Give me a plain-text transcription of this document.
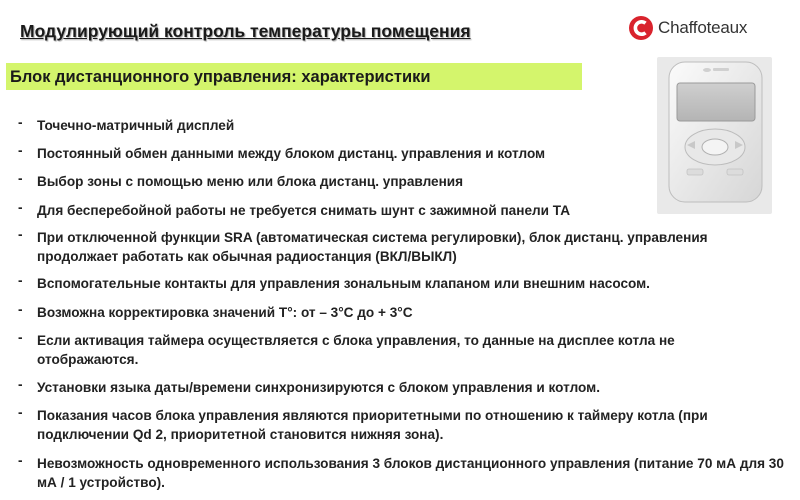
Модулирующий контроль температуры помещения
Блок дистанционного управления: характеристики
Chaffoteaux
-	Точечно-матричный дисплей
-	Постоянный обмен данными между блоком дистанц. управления и котлом
-	Выбор зоны с помощью меню или блока дистанц. управления
-	Для бесперебойной работы не требуется снимать шунт с зажимной панели ТА
-	При отключенной функции SRA (автоматическая система регулировки), блок дистанц. управления продолжает работать как обычная радиостанция (ВКЛ/ВЫКЛ)
-	Вспомогательные контакты для управления зональным клапаном или внешним насосом.
-	Возможна корректировка значений Т°: от – 3°С до + 3°С
-	Если активация таймера осуществляется с блока управления, то данные на дисплее котла не отображаются.
-	Установки языка даты/времени синхронизируются с блоком управления и котлом.
-	Показания часов блока управления являются приоритетными по отношению к таймеру котла (при подключении Qd 2, приоритетной становится нижняя зона).
-	Невозможность одновременного использования 3 блоков дистанционного управления (питание 70 мА для 30 мА / 1 устройство).
